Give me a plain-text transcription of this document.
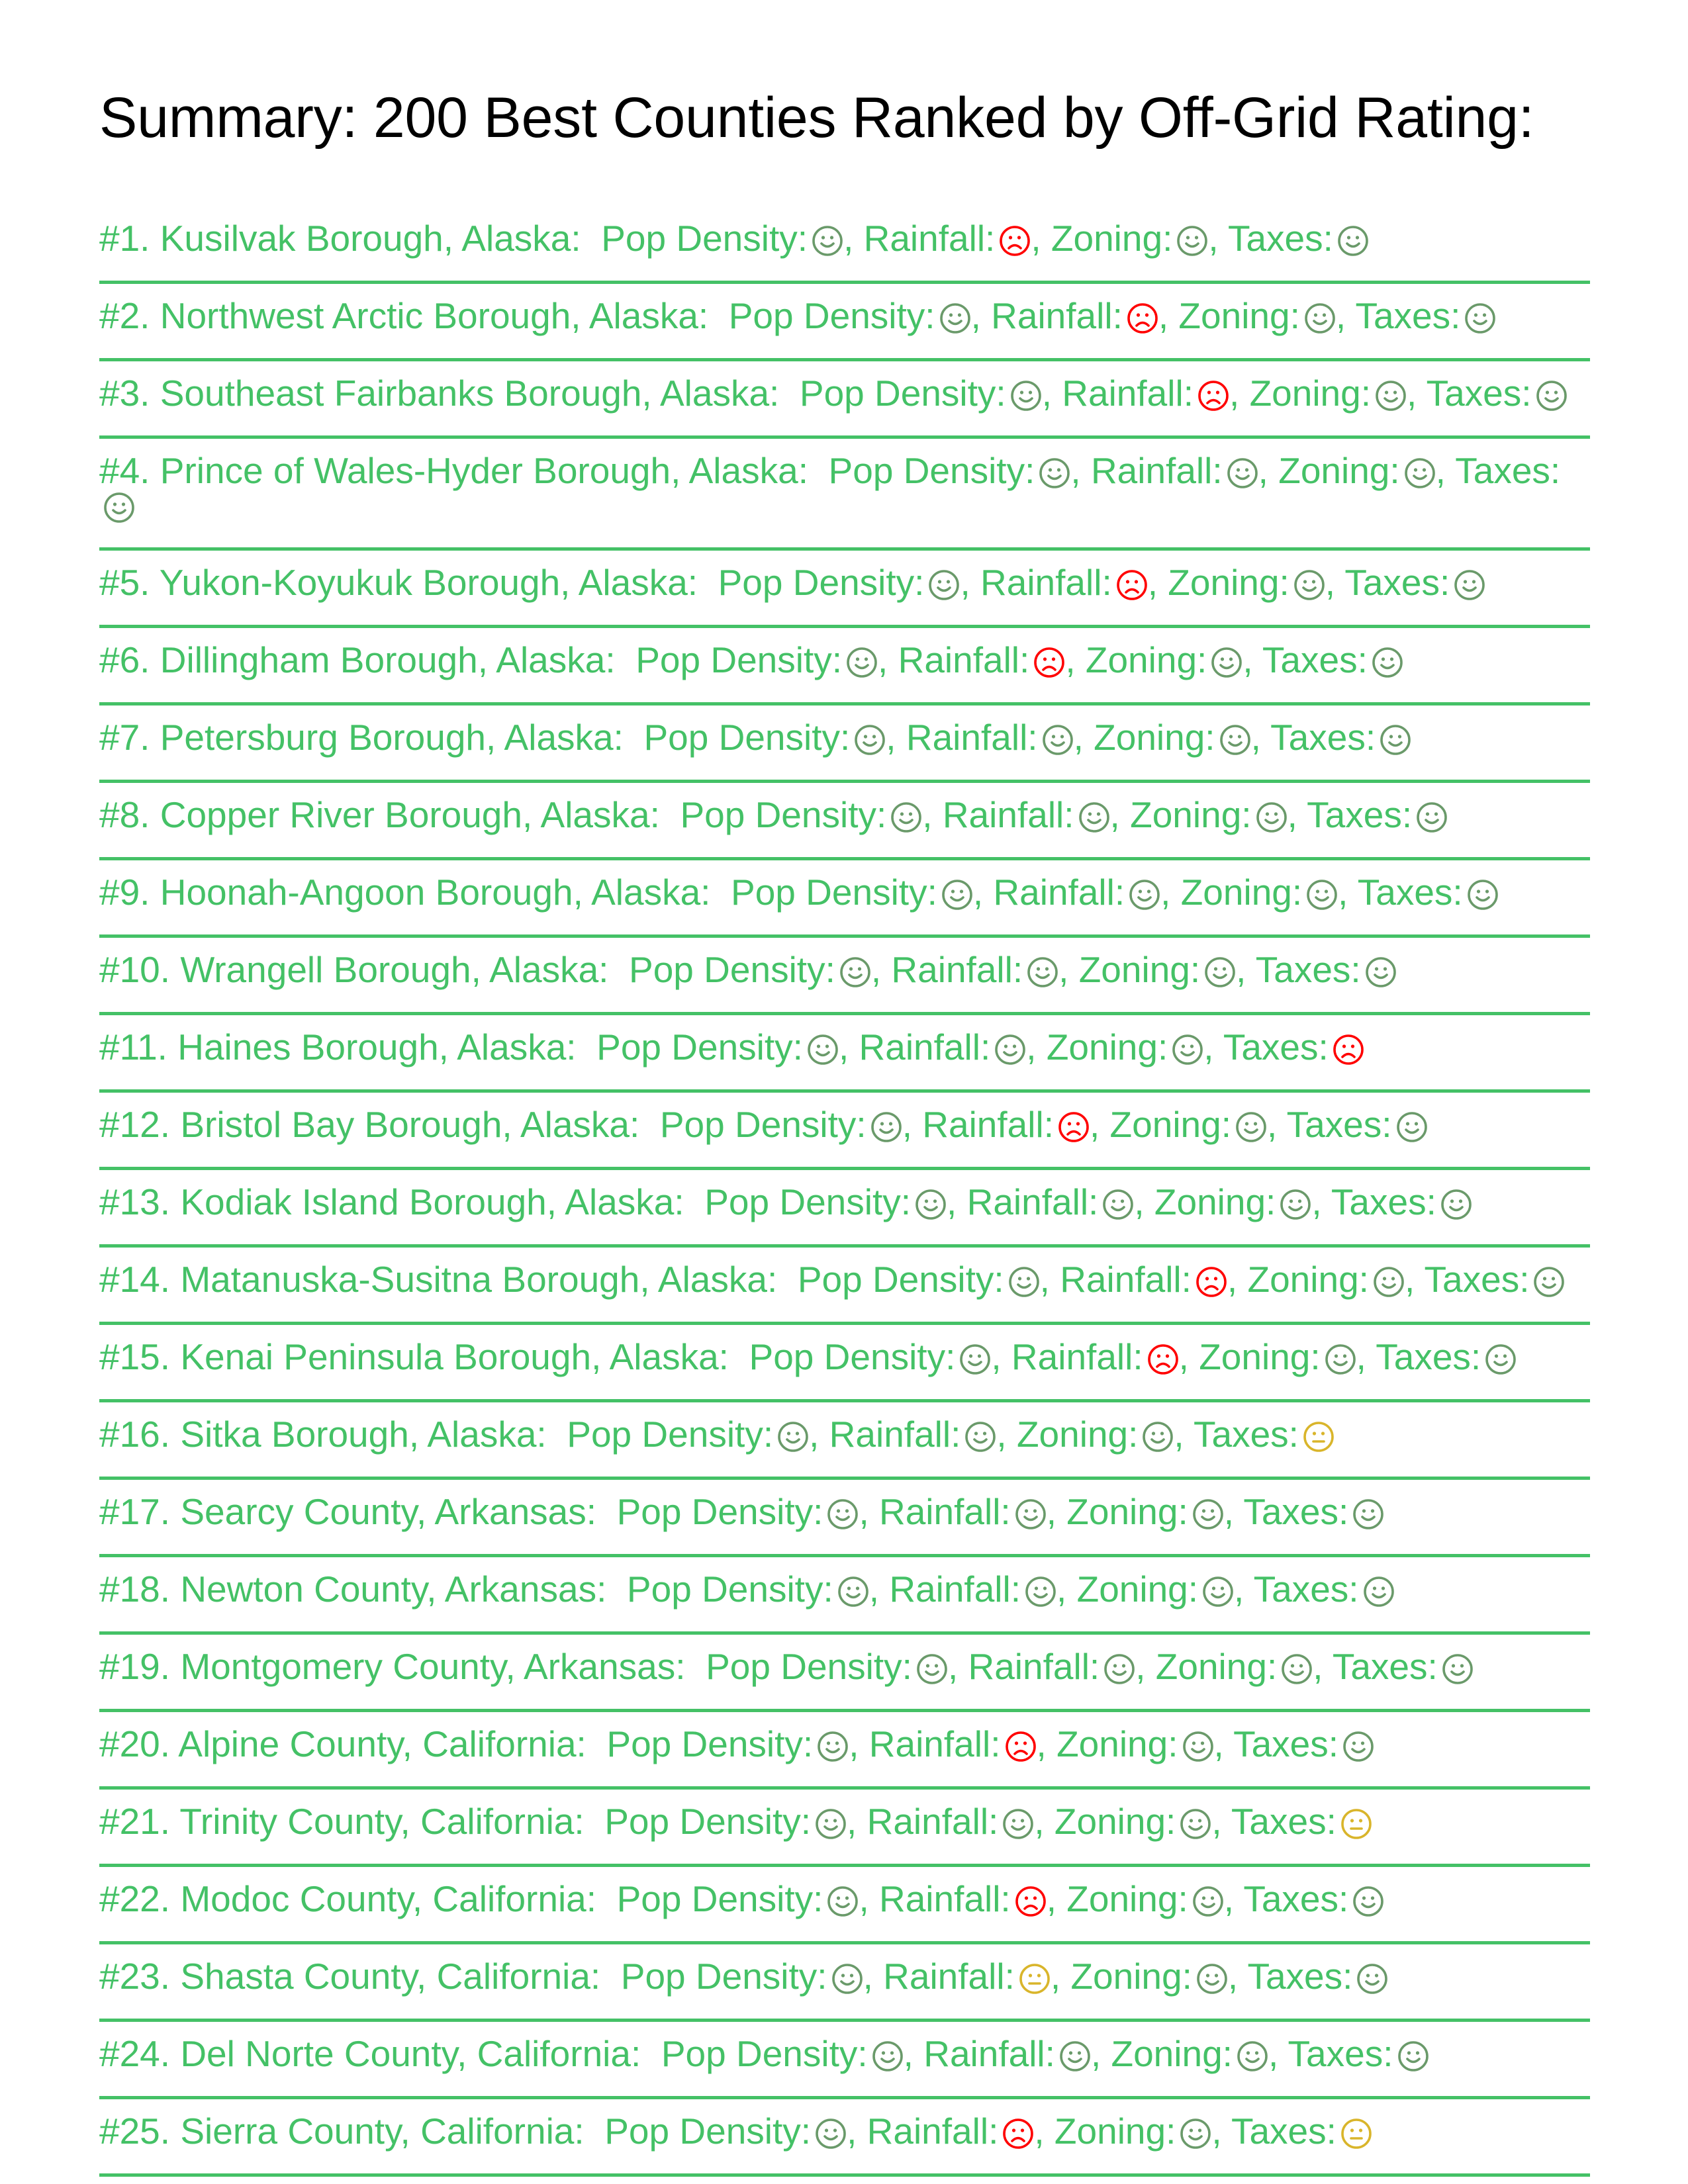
Summary: 200 Best Counties Ranked by Off-Grid Rating:
#1. Kusilvak Borough, Alaska: Pop Density: , Rainfall: , Zoning: , Taxes:
#2. Northwest Arctic Borough, Alaska: Pop Density: , Rainfall: , Zoning: , Taxes:
#3. Southeast Fairbanks Borough, Alaska: Pop Density: , Rainfall: , Zoning: , Taxes:
#4. Prince of Wales-Hyder Borough, Alaska: Pop Density: , Rainfall: , Zoning: , Taxes:
#5. Yukon-Koyukuk Borough, Alaska: Pop Density: , Rainfall: , Zoning: , Taxes:
#6. Dillingham Borough, Alaska: Pop Density: , Rainfall: , Zoning: , Taxes:
#7. Petersburg Borough, Alaska: Pop Density: , Rainfall: , Zoning: , Taxes:
#8. Copper River Borough, Alaska: Pop Density: , Rainfall: , Zoning: , Taxes:
#9. Hoonah-Angoon Borough, Alaska: Pop Density: , Rainfall: , Zoning: , Taxes:
#10. Wrangell Borough, Alaska: Pop Density: , Rainfall: , Zoning: , Taxes:
#11. Haines Borough, Alaska: Pop Density: , Rainfall: , Zoning: , Taxes:
#12. Bristol Bay Borough, Alaska: Pop Density: , Rainfall: , Zoning: , Taxes:
#13. Kodiak Island Borough, Alaska: Pop Density: , Rainfall: , Zoning: , Taxes:
#14. Matanuska-Susitna Borough, Alaska: Pop Density: , Rainfall: , Zoning: , Taxes:
#15. Kenai Peninsula Borough, Alaska: Pop Density: , Rainfall: , Zoning: , Taxes:
#16. Sitka Borough, Alaska: Pop Density: , Rainfall: , Zoning: , Taxes:
#17. Searcy County, Arkansas: Pop Density: , Rainfall: , Zoning: , Taxes:
#18. Newton County, Arkansas: Pop Density: , Rainfall: , Zoning: , Taxes:
#19. Montgomery County, Arkansas: Pop Density: , Rainfall: , Zoning: , Taxes:
#20. Alpine County, California: Pop Density: , Rainfall: , Zoning: , Taxes:
#21. Trinity County, California: Pop Density: , Rainfall: , Zoning: , Taxes:
#22. Modoc County, California: Pop Density: , Rainfall: , Zoning: , Taxes:
#23. Shasta County, California: Pop Density: , Rainfall: , Zoning: , Taxes:
#24. Del Norte County, California: Pop Density: , Rainfall: , Zoning: , Taxes:
#25. Sierra County, California: Pop Density: , Rainfall: , Zoning: , Taxes:
